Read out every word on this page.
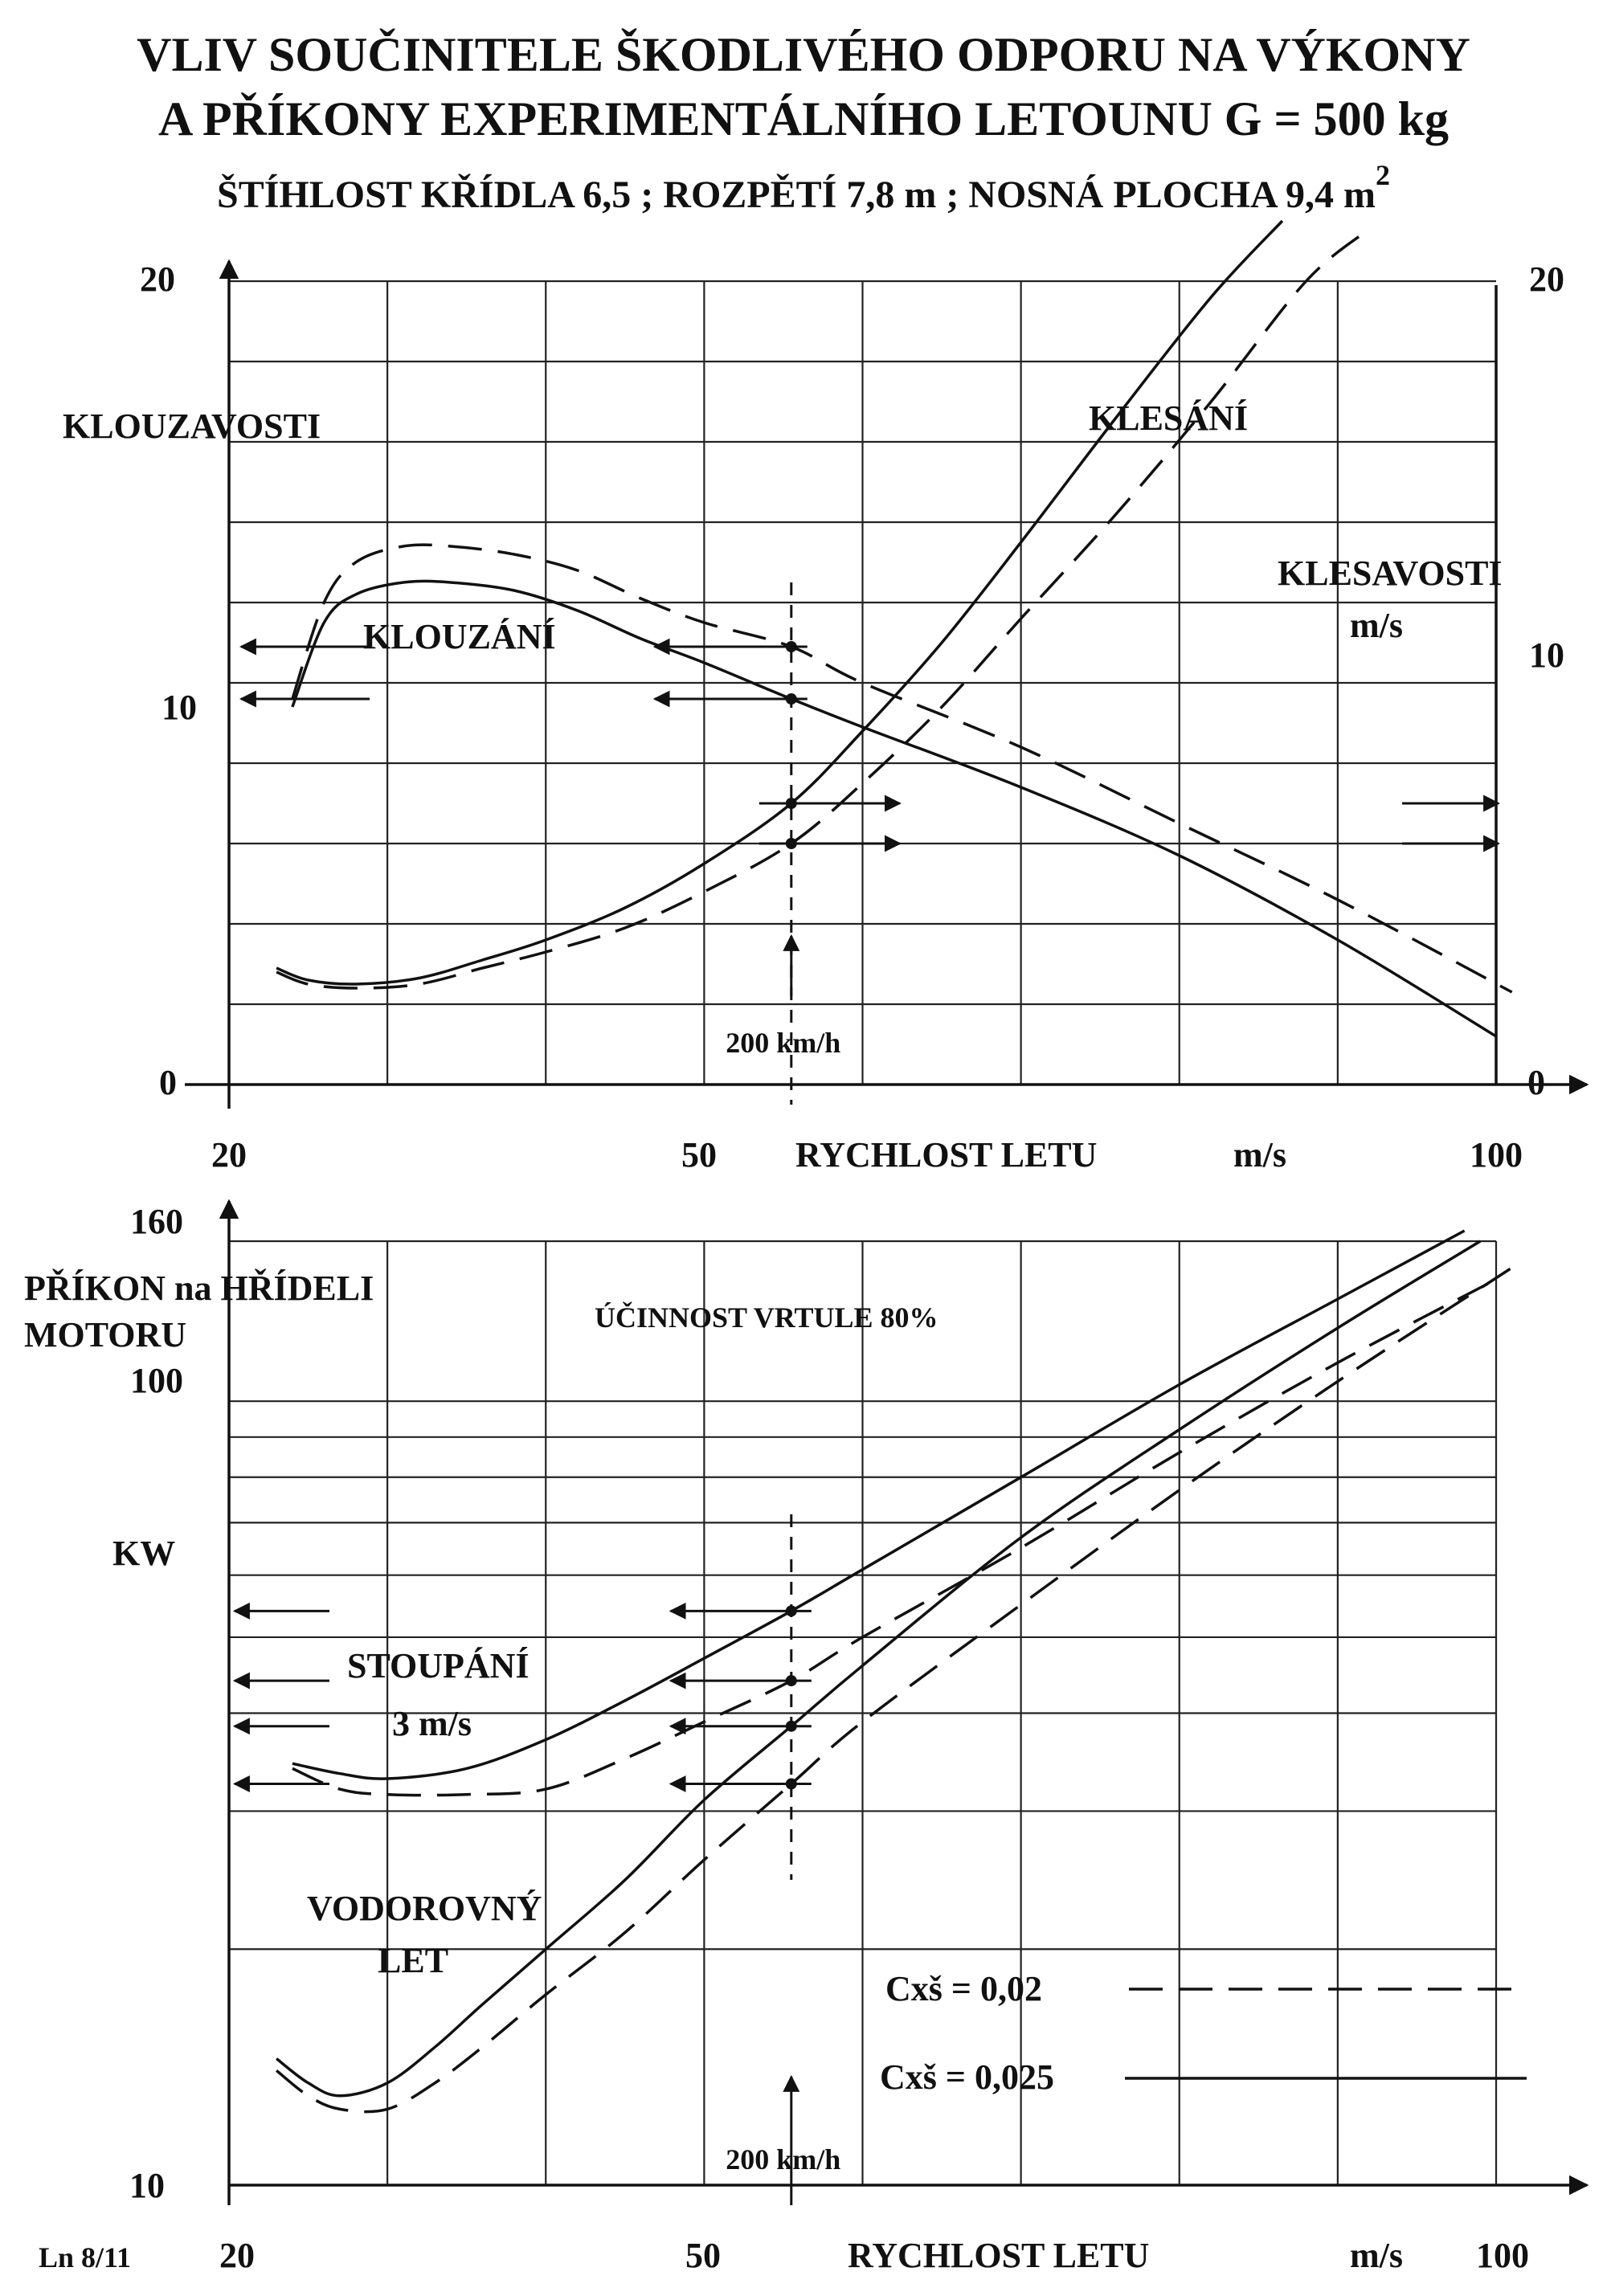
VLIV SOUČINITELE ŠKODLIVÉHO ODPORU NA VÝKONY
A PŘÍKONY EXPERIMENTÁLNÍHO LETOUNU G = 500 kg
ŠTÍHLOST KŘÍDLA 6,5 ; ROZPĚTÍ 7,8 m ; NOSNÁ PLOCHA 9,4 $m^2$
20
10
0
20
10
0
20	50	100
RYCHLOST LETU	m/s
KLOUZAVOSTI
KLESAVOSTI
m/s
KLOUZÁNÍ
KLESÁNÍ
200 km/h
160
100
10
20	50	100
RYCHLOST LETU	m/s
Ln 8/11
PŘÍKON na HŘÍDELI MOTORU
KW
ÚČINNOST VRTULE 80%
STOUPÁNÍ
3 m/s
VODOROVNÝ
LET
200 km/h
Cxš = 0,02
Cxš = 0,025
